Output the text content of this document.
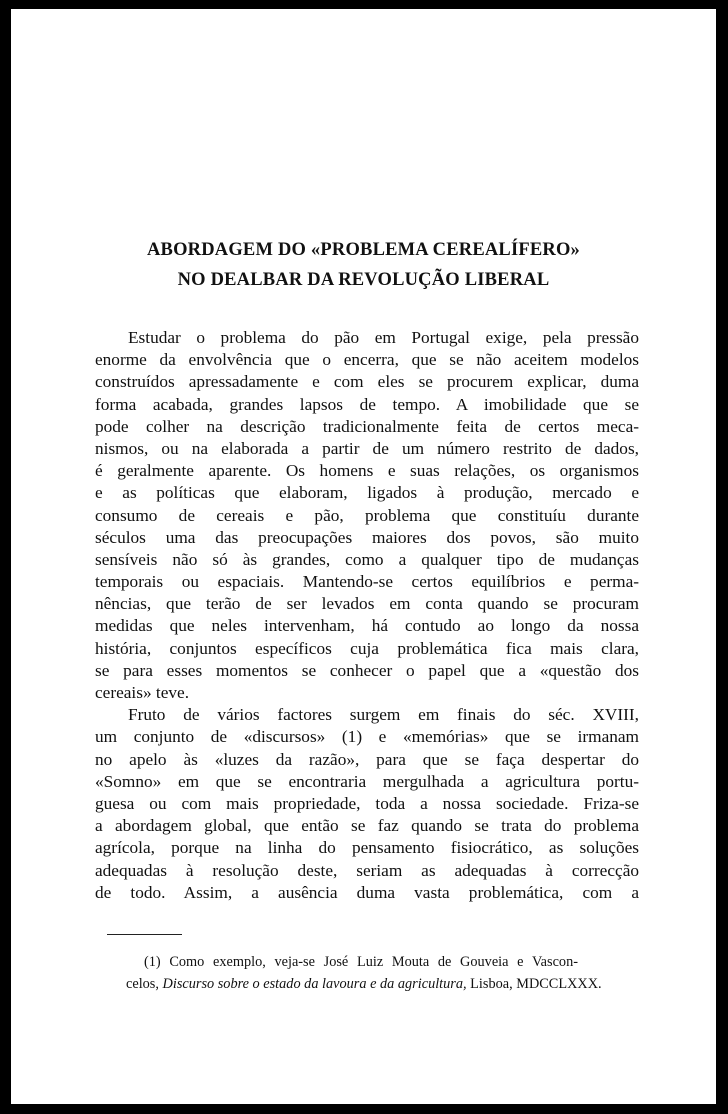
ABORDAGEM DO «PROBLEMA CEREALÍFERO»
NO DEALBAR DA REVOLUÇÃO LIBERAL
Estudar o problema do pão em Portugal exige, pela pressão
enorme da envolvência que o encerra, que se não aceitem modelos
construídos apressadamente e com eles se procurem explicar, duma
forma acabada, grandes lapsos de tempo. A imobilidade que se
pode colher na descrição tradicionalmente feita de certos meca-
nismos, ou na elaborada a partir de um número restrito de dados,
é geralmente aparente. Os homens e suas relações, os organismos
e as políticas que elaboram, ligados à produção, mercado e
consumo de cereais e pão, problema que constituíu durante
séculos uma das preocupações maiores dos povos, são muito
sensíveis não só às grandes, como a qualquer tipo de mudanças
temporais ou espaciais. Mantendo-se certos equilíbrios e perma-
nências, que terão de ser levados em conta quando se procuram
medidas que neles intervenham, há contudo ao longo da nossa
história, conjuntos específicos cuja problemática fica mais clara,
se para esses momentos se conhecer o papel que a «questão dos
cereais» teve.
Fruto de vários factores surgem em finais do séc. XVIII,
um conjunto de «discursos» (1) e «memórias» que se irmanam
no apelo às «luzes da razão», para que se faça despertar do
«Somno» em que se encontraria mergulhada a agricultura portu-
guesa ou com mais propriedade, toda a nossa sociedade. Friza-se
a abordagem global, que então se faz quando se trata do problema
agrícola, porque na linha do pensamento fisiocrático, as soluções
adequadas à resolução deste, seriam as adequadas à correcção
de todo. Assim, a ausência duma vasta problemática, com a
(1) Como exemplo, veja-se José Luiz Mouta de Gouveia e Vascon-
celos, Discurso sobre o estado da lavoura e da agricultura, Lisboa, MDCCLXXX.
